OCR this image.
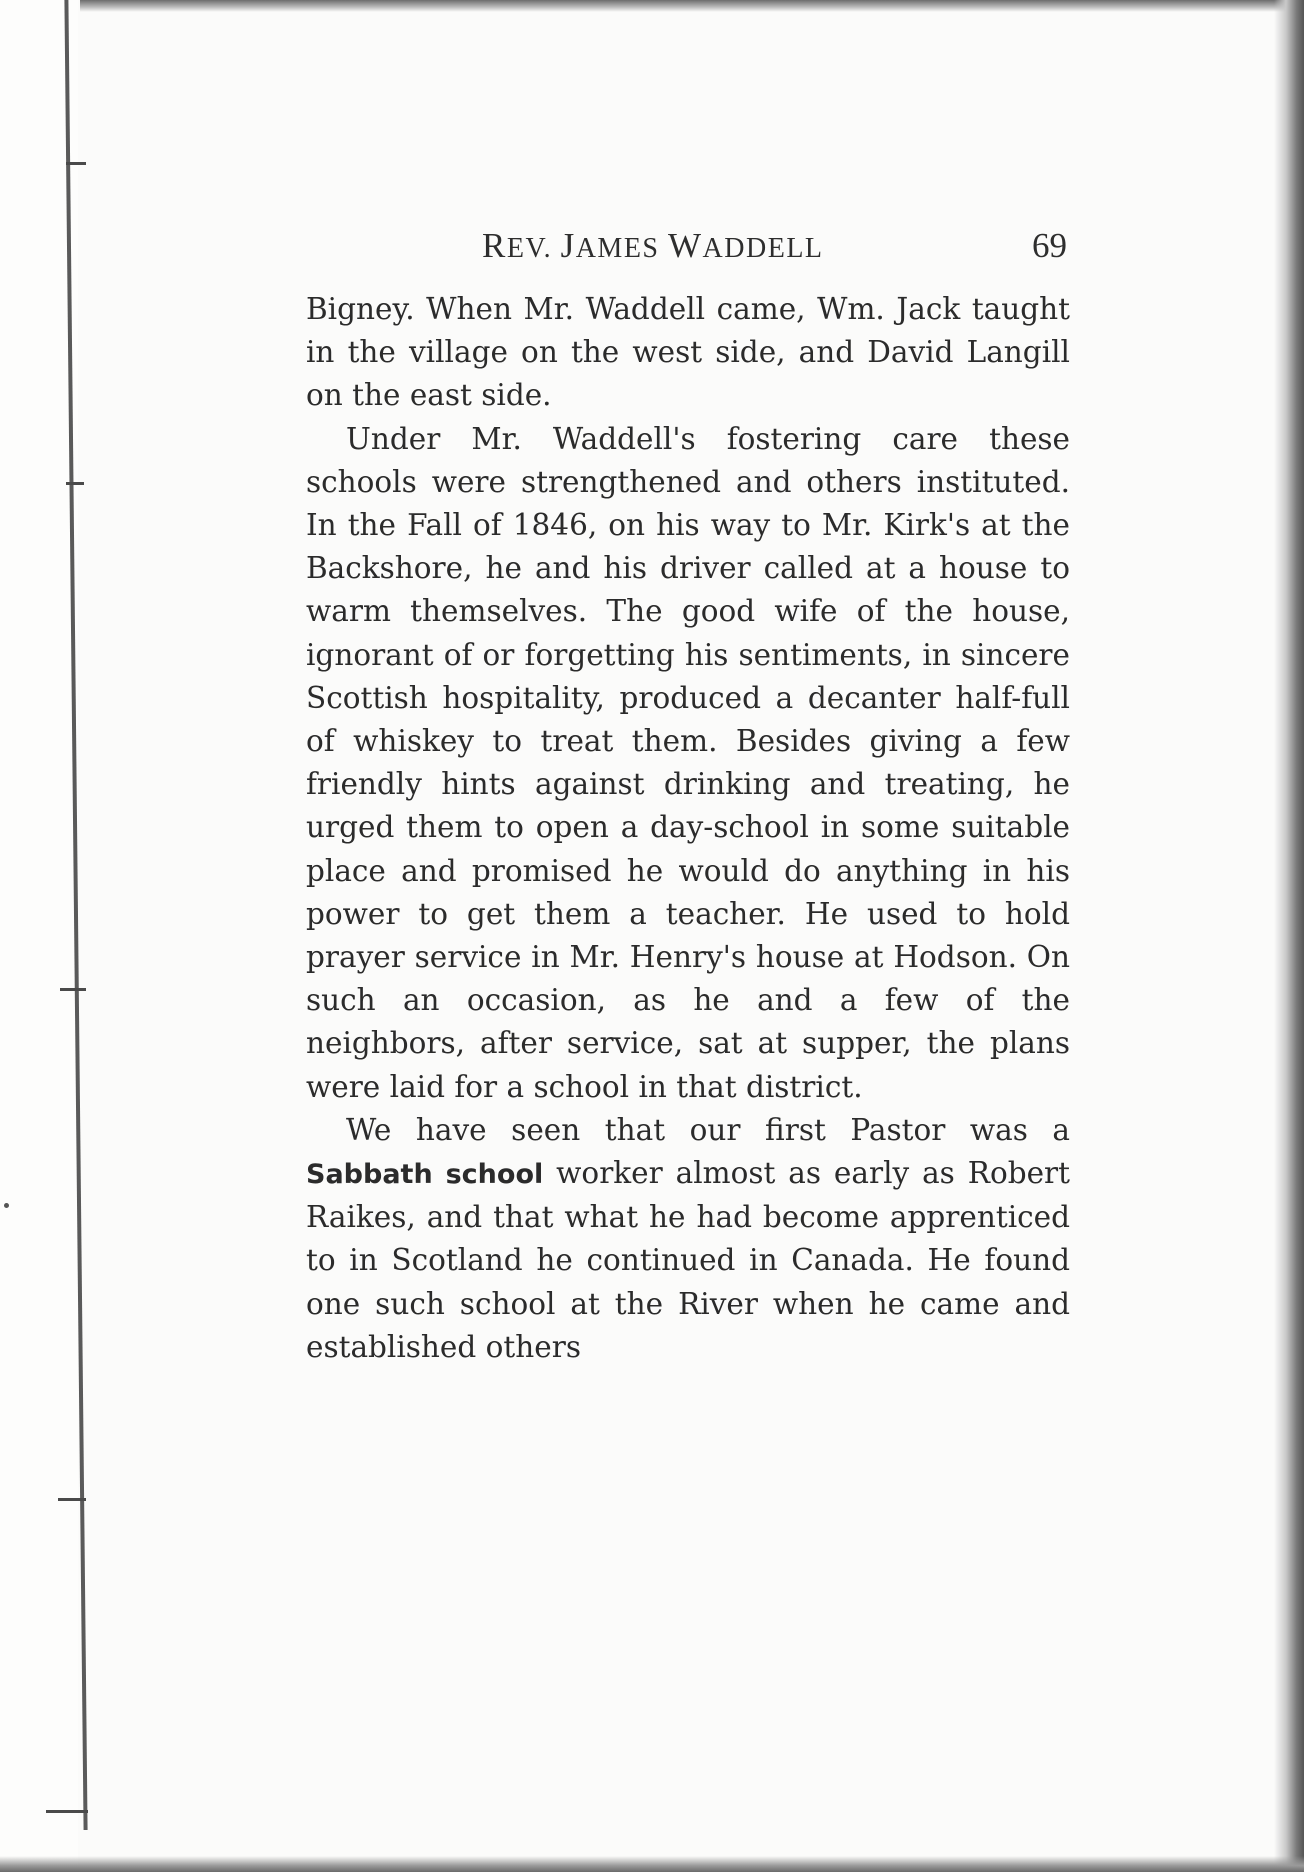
REV. JAMES WADDELL	69

Bigney. When Mr. Waddell came, Wm. Jack taught in the village on the west side, and David Langill on the east side.

Under Mr. Waddell's fostering care these schools were strengthened and others instituted. In the Fall of 1846, on his way to Mr. Kirk's at the Backshore, he and his driver called at a house to warm themselves. The good wife of the house, ignorant of or forgetting his sentiments, in sincere Scottish hospitality, produced a decanter half-full of whiskey to treat them. Besides giving a few friendly hints against drinking and treating, he urged them to open a day-school in some suitable place and promised he would do anything in his power to get them a teacher. He used to hold prayer service in Mr. Henry's house at Hodson. On such an occasion, as he and a few of the neighbors, after service, sat at supper, the plans were laid for a school in that district.

We have seen that our first Pastor was a Sabbath school worker almost as early as Robert Raikes, and that what he had become apprenticed to in Scotland he continued in Canada. He found one such school at the River when he came and established others
